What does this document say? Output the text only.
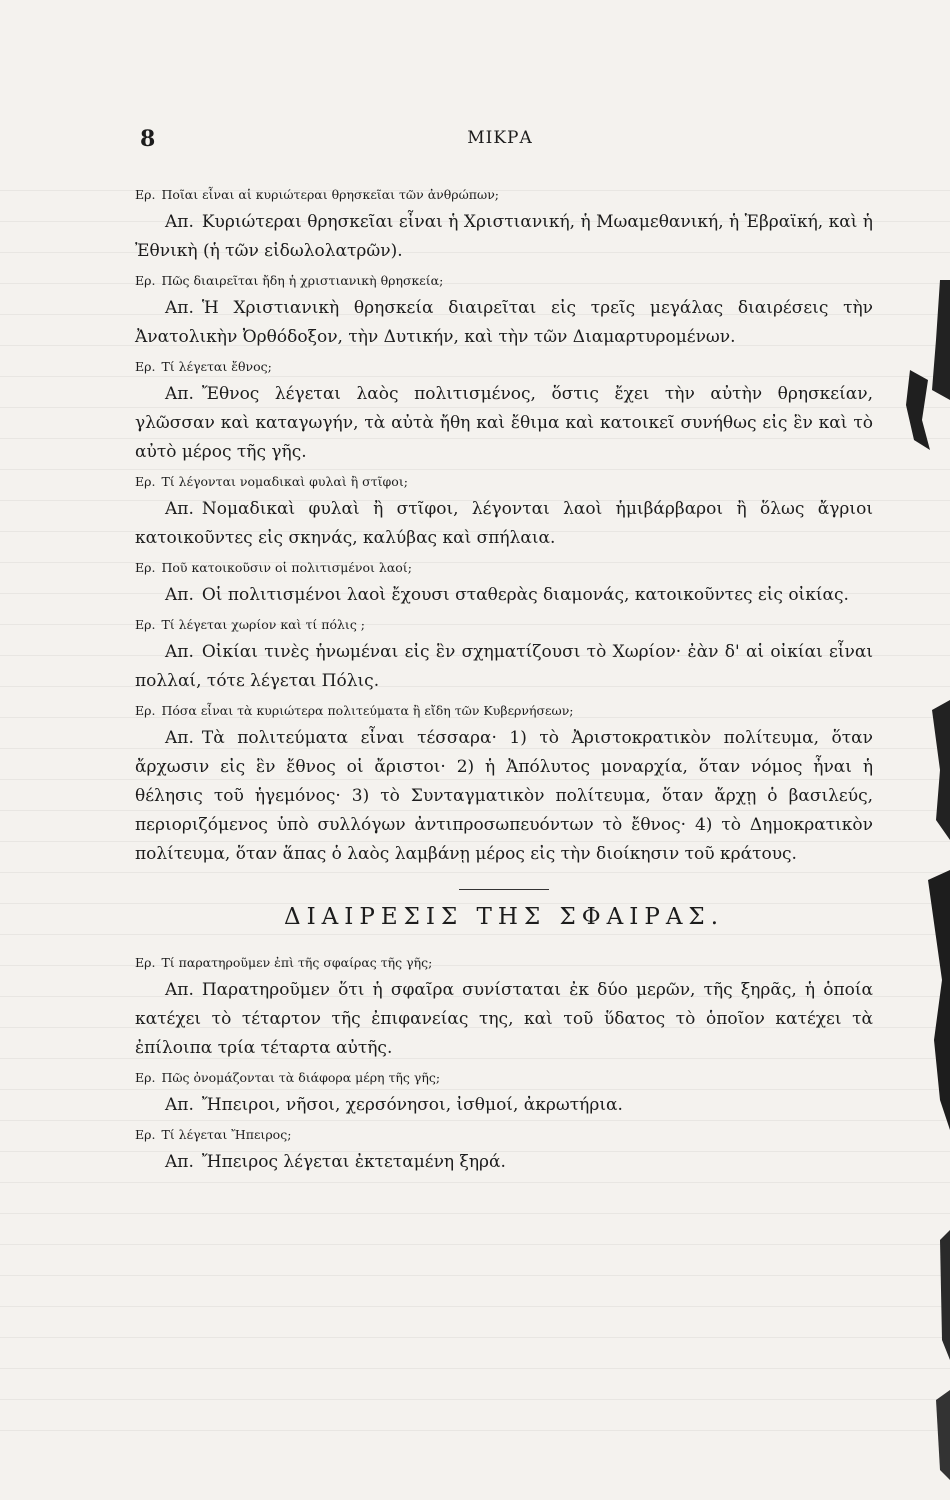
8	ΜΙΚΡΑ
Ερ. Ποῖαι εἶναι αἱ κυριώτεραι θρησκεῖαι τῶν ἀνθρώπων;
Απ. Κυριώτεραι θρησκεῖαι εἶναι ἡ Χριστιανική, ἡ Μωαμεθανική, ἡ Ἑβραϊκή, καὶ ἡ Ἐθνικὴ (ἡ τῶν εἰδωλολατρῶν).
Ερ. Πῶς διαιρεῖται ἤδη ἡ χριστιανικὴ θρησκεία;
Απ. Ἡ Χριστιανικὴ θρησκεία διαιρεῖται εἰς τρεῖς μεγάλας διαιρέσεις τὴν Ἀνατολικὴν Ὀρθόδοξον, τὴν Δυτικήν, καὶ τὴν τῶν Διαμαρτυρομένων.
Ερ. Τί λέγεται ἔθνος;
Απ. Ἔθνος λέγεται λαὸς πολιτισμένος, ὅστις ἔχει τὴν αὐτὴν θρησκείαν, γλῶσσαν καὶ καταγωγήν, τὰ αὐτὰ ἤθη καὶ ἔθιμα καὶ κατοικεῖ συνήθως εἰς ἓν καὶ τὸ αὐτὸ μέρος τῆς γῆς.
Ερ. Τί λέγονται νομαδικαὶ φυλαὶ ἢ στῖφοι;
Απ. Νομαδικαὶ φυλαὶ ἢ στῖφοι, λέγονται λαοὶ ἡμιβάρβαροι ἢ ὅλως ἄγριοι κατοικοῦντες εἰς σκηνάς, καλύβας καὶ σπήλαια.
Ερ. Ποῦ κατοικοῦσιν οἱ πολιτισμένοι λαοί;
Απ. Οἱ πολιτισμένοι λαοὶ ἔχουσι σταθερὰς διαμονάς, κατοικοῦντες εἰς οἰκίας.
Ερ. Τί λέγεται χωρίον καὶ τί πόλις ;
Απ. Οἰκίαι τινὲς ἡνωμέναι εἰς ἓν σχηματίζουσι τὸ Χωρίον· ἐὰν δ' αἱ οἰκίαι εἶναι πολλαί, τότε λέγεται Πόλις.
Ερ. Πόσα εἶναι τὰ κυριώτερα πολιτεύματα ἢ εἴδη τῶν Κυβερνήσεων;
Απ. Τὰ πολιτεύματα εἶναι τέσσαρα· 1) τὸ Ἀριστοκρατικὸν πολίτευμα, ὅταν ἄρχωσιν εἰς ἓν ἔθνος οἱ ἄριστοι· 2) ἡ Ἀπόλυτος μοναρχία, ὅταν νόμος ἦναι ἡ θέλησις τοῦ ἡγεμόνος· 3) τὸ Συνταγματικὸν πολίτευμα, ὅταν ἄρχῃ ὁ βασιλεύς, περιοριζόμενος ὑπὸ συλλόγων ἀντιπροσωπευόντων τὸ ἔθνος· 4) τὸ Δημοκρατικὸν πολίτευμα, ὅταν ἅπας ὁ λαὸς λαμβάνῃ μέρος εἰς τὴν διοίκησιν τοῦ κράτους.
ΔΙΑΙΡΕΣΙΣ ΤΗΣ ΣΦΑΙΡΑΣ.
Ερ. Τί παρατηροῦμεν ἐπὶ τῆς σφαίρας τῆς γῆς;
Απ. Παρατηροῦμεν ὅτι ἡ σφαῖρα συνίσταται ἐκ δύο μερῶν, τῆς ξηρᾶς, ἡ ὁποία κατέχει τὸ τέταρτον τῆς ἐπιφανείας της, καὶ τοῦ ὕδατος τὸ ὁποῖον κατέχει τὰ ἐπίλοιπα τρία τέταρτα αὐτῆς.
Ερ. Πῶς ὀνομάζονται τὰ διάφορα μέρη τῆς γῆς;
Απ. Ἤπειροι, νῆσοι, χερσόνησοι, ἰσθμοί, ἀκρωτήρια.
Ερ. Τί λέγεται Ἤπειρος;
Απ. Ἤπειρος λέγεται ἐκτεταμένη ξηρά.
